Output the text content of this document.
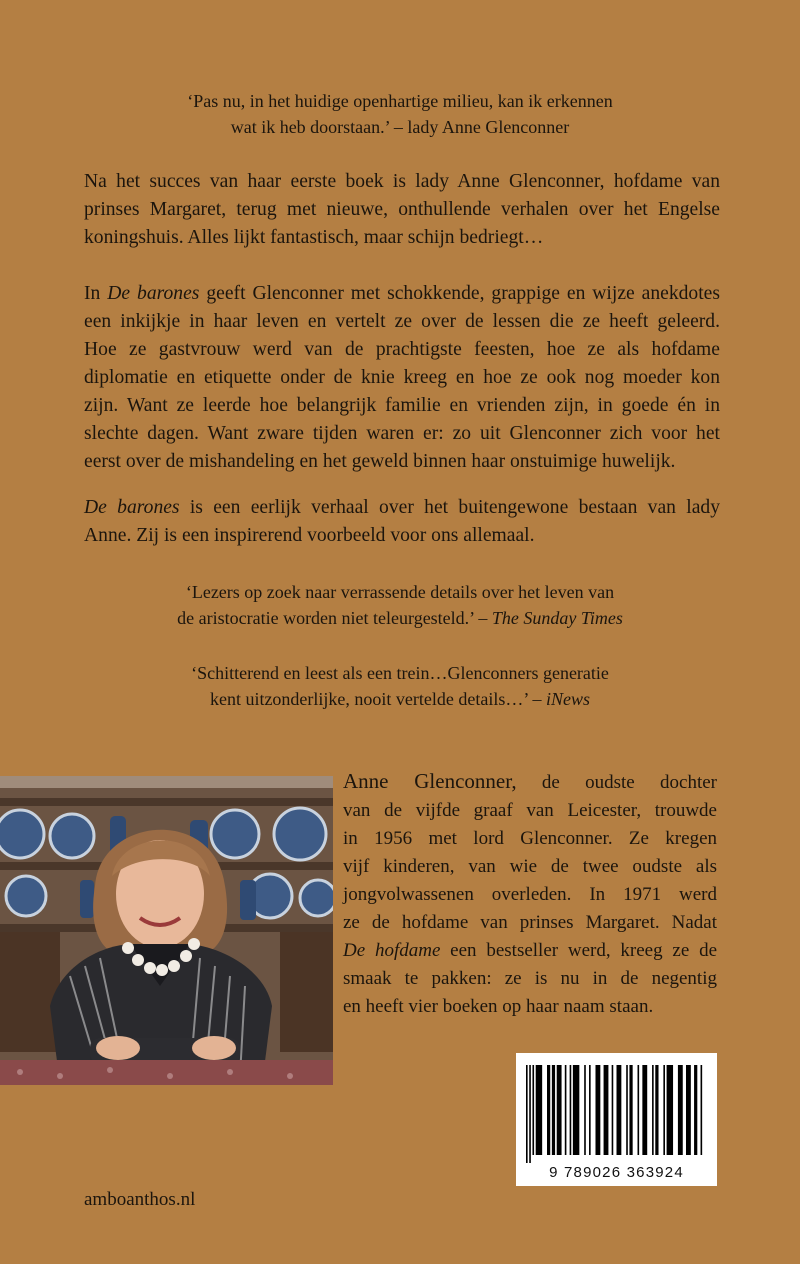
‘Pas nu, in het huidige openhartige milieu, kan ik erkennen
wat ik heb doorstaan.’ – lady Anne Glenconner
Na het succes van haar eerste boek is lady Anne Glenconner, hofdame van
prinses Margaret, terug met nieuwe, onthullende verhalen over het Engelse
koningshuis. Alles lijkt fantastisch, maar schijn bedriegt…
In De barones geeft Glenconner met schokkende, grappige en wijze anekdotes
een inkijkje in haar leven en vertelt ze over de lessen die ze heeft geleerd.
Hoe ze gastvrouw werd van de prachtigste feesten, hoe ze als hofdame
diplomatie en etiquette onder de knie kreeg en hoe ze ook nog moeder kon
zijn. Want ze leerde hoe belangrijk familie en vrienden zijn, in goede én in
slechte dagen. Want zware tijden waren er: zo uit Glenconner zich voor het
eerst over de mishandeling en het geweld binnen haar onstuimige huwelijk.
De barones is een eerlijk verhaal over het buitengewone bestaan van lady
Anne. Zij is een inspirerend voorbeeld voor ons allemaal.
‘Lezers op zoek naar verrassende details over het leven van
de aristocratie worden niet teleurgesteld.’ – The Sunday Times
‘Schitterend en leest als een trein…Glenconners generatie
kent uitzonderlijke, nooit vertelde details…’ – iNews
Anne Glenconner, de oudste dochter
van de vijfde graaf van Leicester, trouwde
in 1956 met lord Glenconner. Ze kregen
vijf kinderen, van wie de twee oudste als
jongvolwassenen overleden. In 1971 werd
ze de hofdame van prinses Margaret. Nadat
De hofdame een bestseller werd, kreeg ze de
smaak te pakken: ze is nu in de negentig
en heeft vier boeken op haar naam staan.
9 789026 363924
amboanthos.nl
